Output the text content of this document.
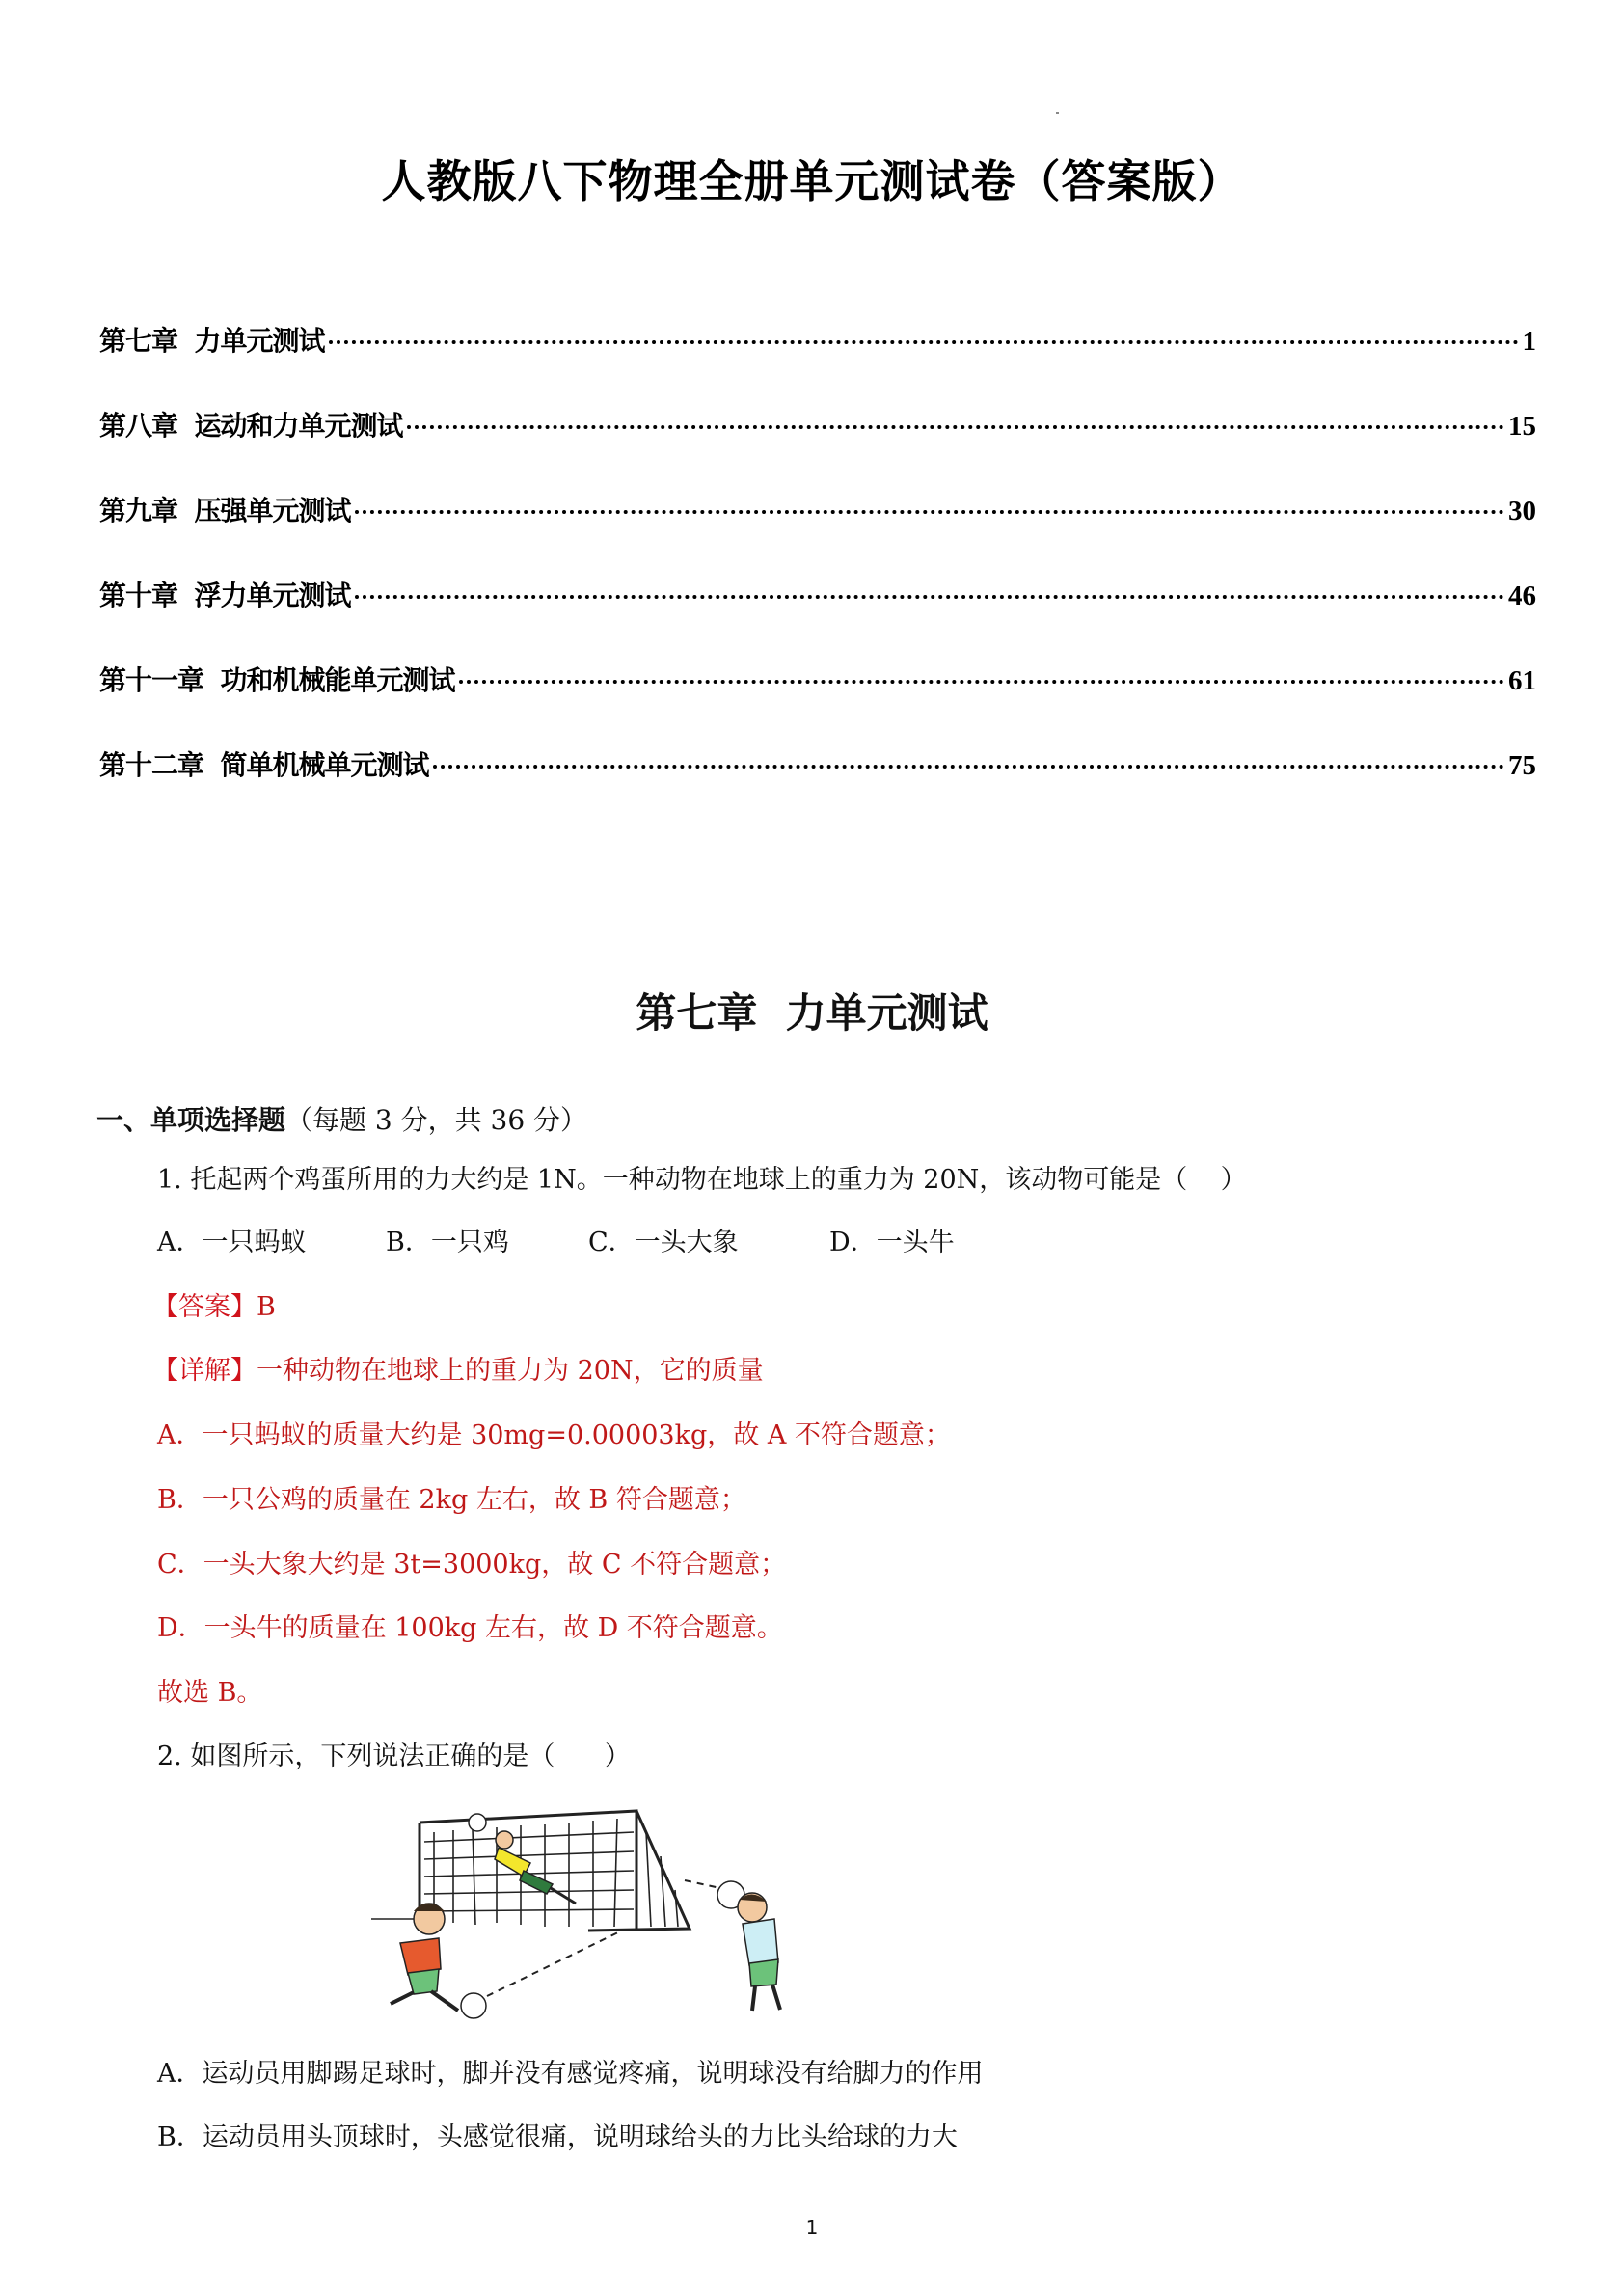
人教版八下物理全册单元测试卷（答案版）
第七章  力单元测试	1
第八章  运动和力单元测试	15
第九章  压强单元测试	30
第十章  浮力单元测试	46
第十一章  功和机械能单元测试	61
第十二章  简单机械单元测试	75
第七章  力单元测试
一、单项选择题（每题 3 分，共 36 分）
1. 托起两个鸡蛋所用的力大约是 1N。一种动物在地球上的重力为 20N，该动物可能是（    ）
A．一只蚂蚁	B．一只鸡	C．一头大象	D．一头牛
【答案】B
【详解】一种动物在地球上的重力为 20N，它的质量
A．一只蚂蚁的质量大约是 30mg=0.00003kg，故 A 不符合题意；
B．一只公鸡的质量在 2kg 左右，故 B 符合题意；
C．一头大象大约是 3t=3000kg，故 C 不符合题意；
D．一头牛的质量在 100kg 左右，故 D 不符合题意。
故选 B。
2. 如图所示，下列说法正确的是（      ）
A．运动员用脚踢足球时，脚并没有感觉疼痛，说明球没有给脚力的作用
B．运动员用头顶球时，头感觉很痛，说明球给头的力比头给球的力大
1
